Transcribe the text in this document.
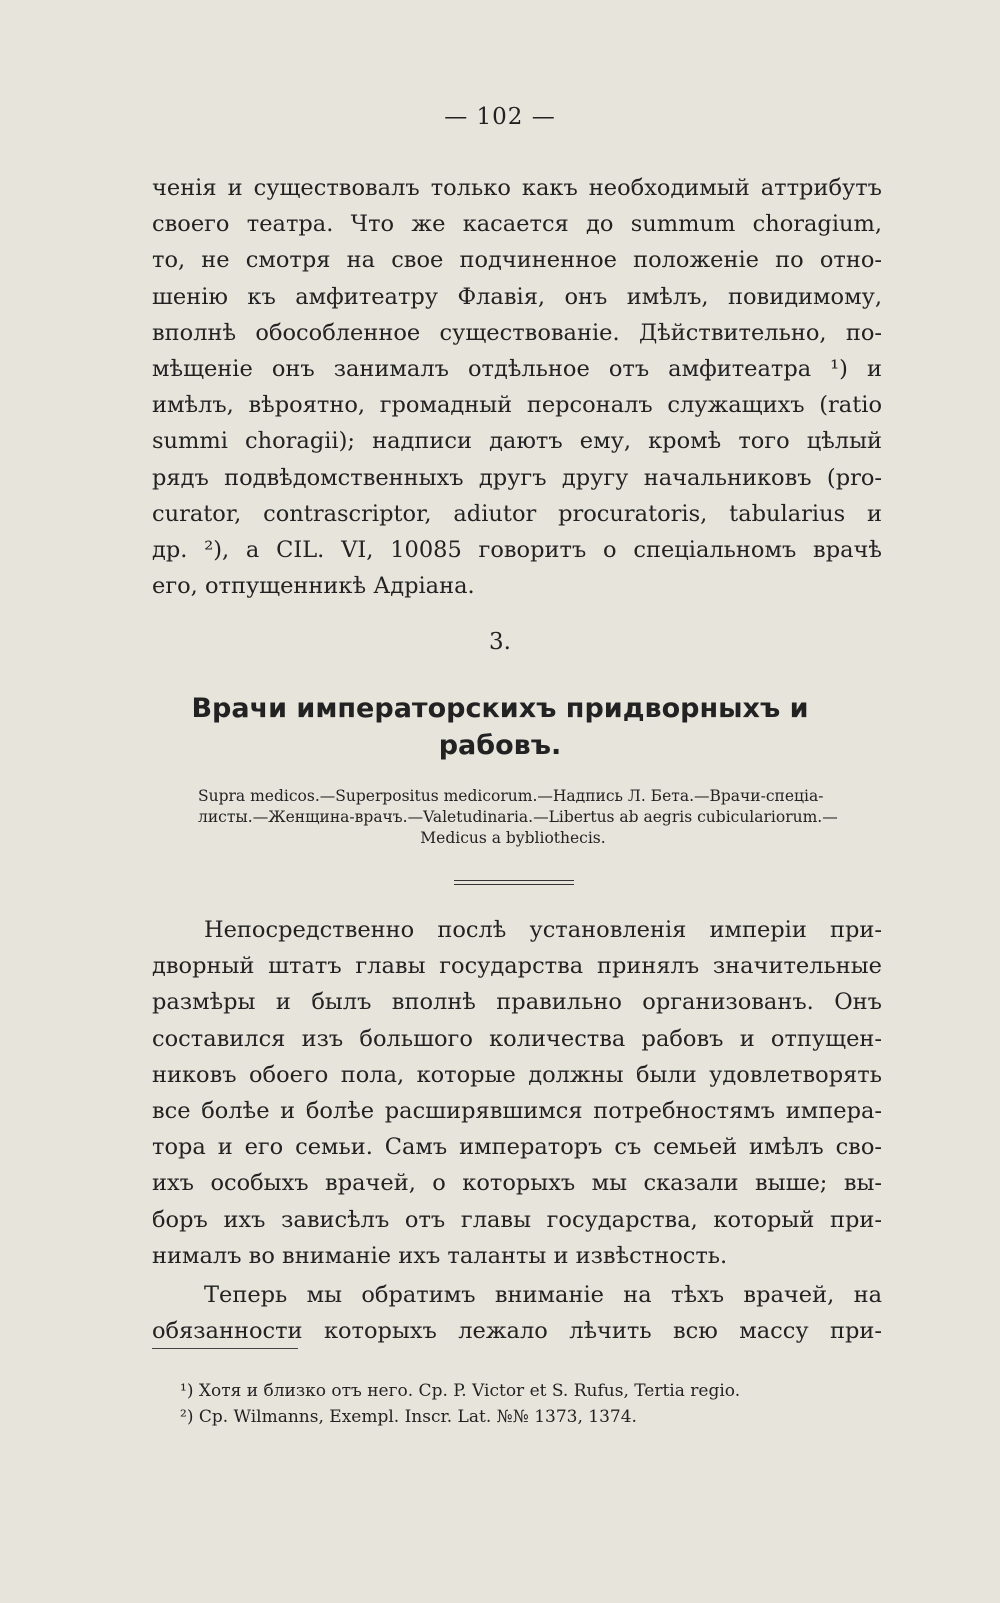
— 102 —
ченія и существовалъ только какъ необходимый аттрибутъ
своего театра. Что же касается до summum choragium,
то, не смотря на свое подчиненное положеніе по отно-
шенію къ амфитеатру Флавія, онъ имѣлъ, повидимому,
вполнѣ обособленное существованіе. Дѣйствительно, по-
мѣщеніе онъ занималъ отдѣльное отъ амфитеатра ¹) и
имѣлъ, вѣроятно, громадный персоналъ служащихъ (ratio
summi choragii); надписи даютъ ему, кромѣ того цѣлый
рядъ подвѣдомственныхъ другъ другу начальниковъ (pro-
curator, contrascriptor, adiutor procuratoris, tabularius и
др. ²), а CIL. VI, 10085 говоритъ о спеціальномъ врачѣ
его, отпущенникѣ Адріана.
3.
Врачи императорскихъ придворныхъ и
рабовъ.
Supra medicos.—Superpositus medicorum.—Надпись Л. Бета.—Врачи-спеціа-
листы.—Женщина-врачъ.—Valetudinaria.—Libertus ab aegris cubiculariorum.—
Medicus a bybliothecis.
Непосредственно послѣ установленія имперіи при-
дворный штатъ главы государства принялъ значительные
размѣры и былъ вполнѣ правильно организованъ. Онъ
составился изъ большого количества рабовъ и отпущен-
никовъ обоего пола, которые должны были удовлетворять
все болѣе и болѣе расширявшимся потребностямъ импера-
тора и его семьи. Самъ императоръ съ семьей имѣлъ сво-
ихъ особыхъ врачей, о которыхъ мы сказали выше; вы-
боръ ихъ зависѣлъ отъ главы государства, который при-
нималъ во вниманіе ихъ таланты и извѣстность.
Теперь мы обратимъ вниманіе на тѣхъ врачей, на
обязанности которыхъ лежало лѣчить всю массу при-
¹) Хотя и близко отъ него. Ср. P. Victor et S. Rufus, Tertia regio.
²) Ср. Wilmanns, Exempl. Inscr. Lat. №№ 1373, 1374.
